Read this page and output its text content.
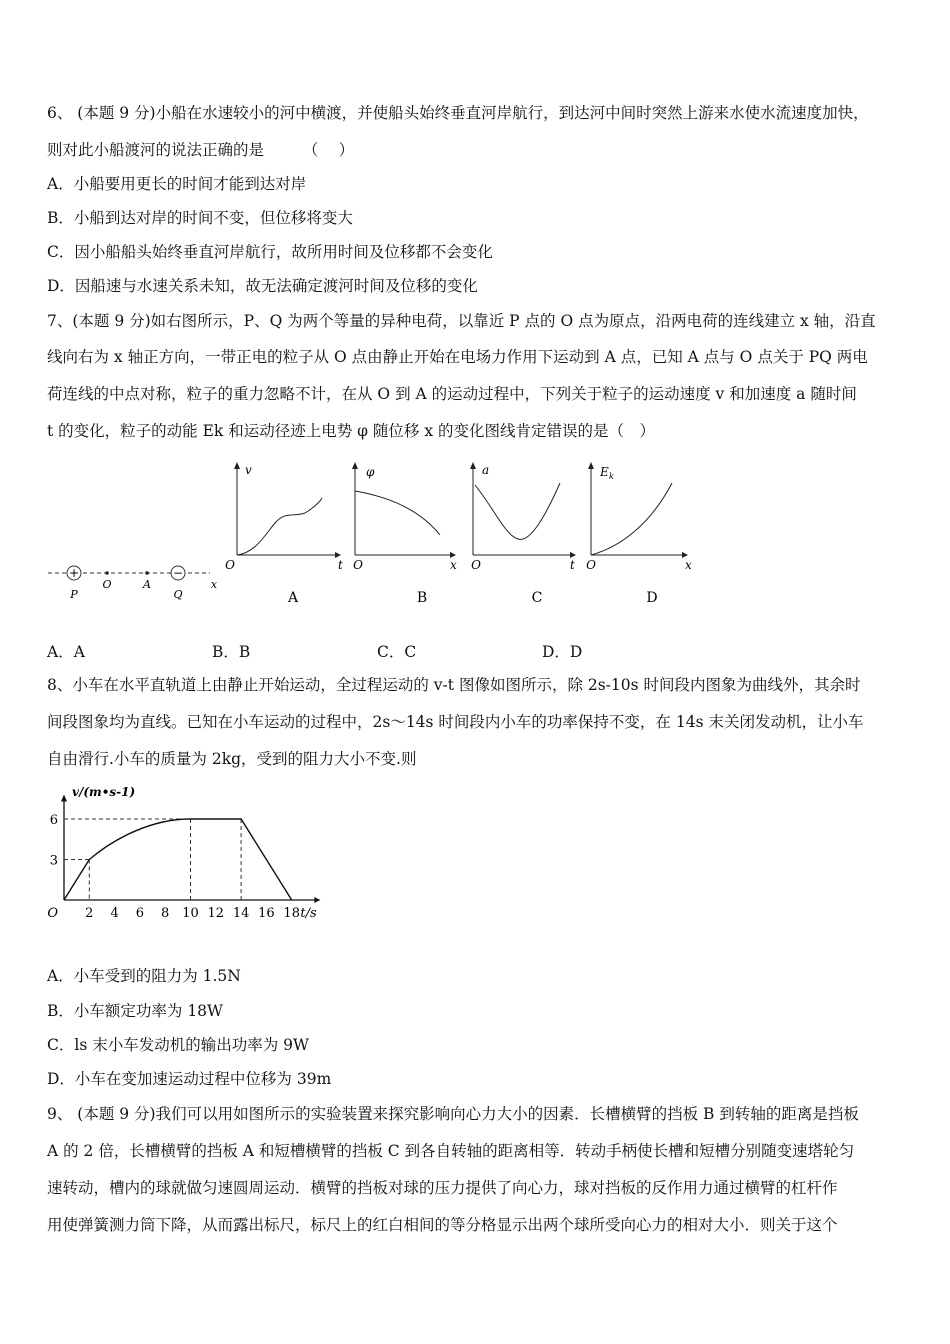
6、 (本题 9 分)小船在水速较小的河中横渡，并使船头始终垂直河岸航行，到达河中间时突然上游来水使水流速度加快，
则对此小船渡河的说法正确的是　　　（　 ）
A．小船要用更长的时间才能到达对岸
B．小船到达对岸的时间不变，但位移将变大
C．因小船船头始终垂直河岸航行，故所用时间及位移都不会变化
D．因船速与水速关系未知，故无法确定渡河时间及位移的变化
7、(本题 9 分)如右图所示，P、Q 为两个等量的异种电荷，以靠近 P 点的 O 点为原点，沿两电荷的连线建立 x 轴，沿直
线向右为 x 轴正方向，一带正电的粒子从 O 点由静止开始在电场力作用下运动到 A 点，已知 A 点与 O 点关于 PQ 两电
荷连线的中点对称，粒子的重力忽略不计，在从 O 到 A 的运动过程中，下列关于粒子的运动速度 v 和加速度 a 随时间
t 的变化，粒子的动能 Ek 和运动径迹上电势 φ 随位移 x 的变化图线肯定错误的是（　）
+	−
P
O	A
Q
x
v
O	t
A
φ
O	x
B
a
O	t
C
E k
O	x
D
A．A	B．B	C．C	D．D
8、小车在水平直轨道上由静止开始运动，全过程运动的 v-t 图像如图所示，除 2s-10s 时间段内图象为曲线外，其余时
间段图象均为直线。已知在小车运动的过程中，2s～14s 时间段内小车的功率保持不变，在 14s 末关闭发动机，让小车
自由滑行.小车的质量为 2kg，受到的阻力大小不变.则
2 4 6 8 10 12 14 16 18
3
6
O	t/s
v/(m•s-1)
A．小车受到的阻力为 1.5N
B．小车额定功率为 18W
C．ls 末小车发动机的输出功率为 9W
D．小车在变加速运动过程中位移为 39m
9、 (本题 9 分)我们可以用如图所示的实验装置来探究影响向心力大小的因素．长槽横臂的挡板 B 到转轴的距离是挡板
A 的 2 倍，长槽横臂的挡板 A 和短槽横臂的挡板 C 到各自转轴的距离相等．转动手柄使长槽和短槽分别随变速塔轮匀
速转动，槽内的球就做匀速圆周运动．横臂的挡板对球的压力提供了向心力，球对挡板的反作用力通过横臂的杠杆作
用使弹簧测力筒下降，从而露出标尺，标尺上的红白相间的等分格显示出两个球所受向心力的相对大小．则关于这个
